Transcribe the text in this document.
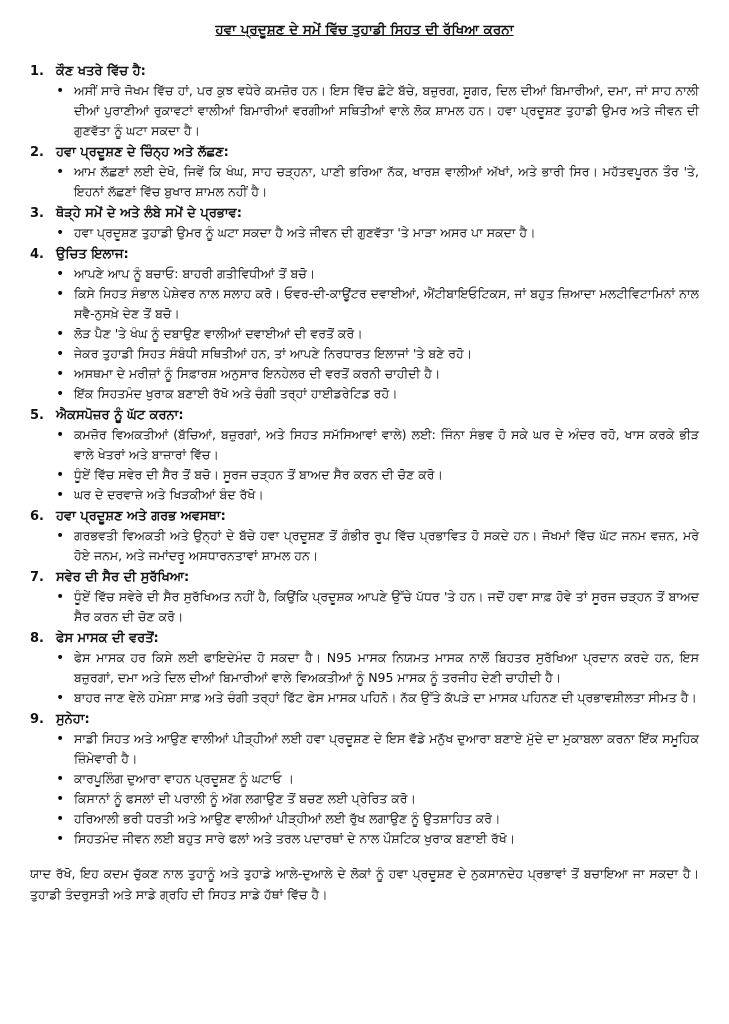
ਹਵਾ ਪ੍ਰਦੂਸ਼ਣ ਦੇ ਸਮੇਂ ਵਿੱਚ ਤੁਹਾਡੀ ਸਿਹਤ ਦੀ ਰੱਖਿਆ ਕਰਨਾ
1. ਕੌਣ ਖਤਰੇ ਵਿੱਚ ਹੈ:
• ਅਸੀਂ ਸਾਰੇ ਜੋਖਮ ਵਿੱਚ ਹਾਂ, ਪਰ ਕੁਝ ਵਧੇਰੇ ਕਮਜ਼ੋਰ ਹਨ। ਇਸ ਵਿੱਚ ਛੋਟੇ ਬੱਚੇ, ਬਜ਼ੁਰਗ, ਸ਼ੂਗਰ, ਦਿਲ ਦੀਆਂ ਬਿਮਾਰੀਆਂ, ਦਮਾ, ਜਾਂ ਸਾਹ ਨਾਲੀ ਦੀਆਂ ਪੁਰਾਣੀਆਂ ਰੁਕਾਵਟਾਂ ਵਾਲੀਆਂ ਬਿਮਾਰੀਆਂ ਵਰਗੀਆਂ ਸਥਿਤੀਆਂ ਵਾਲੇ ਲੋਕ ਸ਼ਾਮਲ ਹਨ। ਹਵਾ ਪ੍ਰਦੂਸ਼ਣ ਤੁਹਾਡੀ ਉਮਰ ਅਤੇ ਜੀਵਨ ਦੀ ਗੁਣਵੱਤਾ ਨੂੰ ਘਟਾ ਸਕਦਾ ਹੈ।
2. ਹਵਾ ਪ੍ਰਦੂਸ਼ਣ ਦੇ ਚਿੰਨ੍ਹ ਅਤੇ ਲੱਛਣ:
• ਆਮ ਲੱਛਣਾਂ ਲਈ ਦੇਖੋ, ਜਿਵੇਂ ਕਿ ਖੰਘ, ਸਾਹ ਚੜ੍ਹਨਾ, ਪਾਣੀ ਭਰਿਆ ਨੱਕ, ਖਾਰਸ਼ ਵਾਲੀਆਂ ਅੱਖਾਂ, ਅਤੇ ਭਾਰੀ ਸਿਰ। ਮਹੱਤਵਪੂਰਨ ਤੌਰ 'ਤੇ, ਇਹਨਾਂ ਲੱਛਣਾਂ ਵਿੱਚ ਬੁਖਾਰ ਸ਼ਾਮਲ ਨਹੀਂ ਹੈ।
3. ਥੋੜ੍ਹੇ ਸਮੇਂ ਦੇ ਅਤੇ ਲੰਬੇ ਸਮੇਂ ਦੇ ਪ੍ਰਭਾਵ:
• ਹਵਾ ਪ੍ਰਦੂਸ਼ਣ ਤੁਹਾਡੀ ਉਮਰ ਨੂੰ ਘਟਾ ਸਕਦਾ ਹੈ ਅਤੇ ਜੀਵਨ ਦੀ ਗੁਣਵੱਤਾ 'ਤੇ ਮਾੜਾ ਅਸਰ ਪਾ ਸਕਦਾ ਹੈ।
4. ਉਚਿਤ ਇਲਾਜ:
• ਆਪਣੇ ਆਪ ਨੂੰ ਬਚਾਓ: ਬਾਹਰੀ ਗਤੀਵਿਧੀਆਂ ਤੋਂ ਬਚੋ।
• ਕਿਸੇ ਸਿਹਤ ਸੰਭਾਲ ਪੇਸ਼ੇਵਰ ਨਾਲ ਸਲਾਹ ਕਰੋ। ਓਵਰ-ਦੀ-ਕਾਊਂਟਰ ਦਵਾਈਆਂ, ਐਂਟੀਬਾਇਓਟਿਕਸ, ਜਾਂ ਬਹੁਤ ਜ਼ਿਆਦਾ ਮਲਟੀਵਿਟਾਮਿਨਾਂ ਨਾਲ ਸਵੈ-ਨੁਸਖ਼ੇ ਦੇਣ ਤੋਂ ਬਚੋ।
• ਲੋੜ ਪੈਣ 'ਤੇ ਖੰਘ ਨੂੰ ਦਬਾਉਣ ਵਾਲੀਆਂ ਦਵਾਈਆਂ ਦੀ ਵਰਤੋਂ ਕਰੋ।
• ਜੇਕਰ ਤੁਹਾਡੀ ਸਿਹਤ ਸੰਬੰਧੀ ਸਥਿਤੀਆਂ ਹਨ, ਤਾਂ ਆਪਣੇ ਨਿਰਧਾਰਤ ਇਲਾਜਾਂ 'ਤੇ ਬਣੇ ਰਹੋ।
• ਅਸਥਮਾ ਦੇ ਮਰੀਜ਼ਾਂ ਨੂੰ ਸਿਫ਼ਾਰਸ਼ ਅਨੁਸਾਰ ਇਨਹੇਲਰ ਦੀ ਵਰਤੋਂ ਕਰਨੀ ਚਾਹੀਦੀ ਹੈ।
• ਇੱਕ ਸਿਹਤਮੰਦ ਖੁਰਾਕ ਬਣਾਈ ਰੱਖੋ ਅਤੇ ਚੰਗੀ ਤਰ੍ਹਾਂ ਹਾਈਡਰੇਟਿਡ ਰਹੋ।
5. ਐਕਸਪੋਜ਼ਰ ਨੂੰ ਘੱਟ ਕਰਨਾ:
• ਕਮਜ਼ੋਰ ਵਿਅਕਤੀਆਂ (ਬੱਚਿਆਂ, ਬਜ਼ੁਰਗਾਂ, ਅਤੇ ਸਿਹਤ ਸਮੱਸਿਆਵਾਂ ਵਾਲੇ) ਲਈ: ਜਿੰਨਾ ਸੰਭਵ ਹੋ ਸਕੇ ਘਰ ਦੇ ਅੰਦਰ ਰਹੋ, ਖਾਸ ਕਰਕੇ ਭੀੜ ਵਾਲੇ ਖੇਤਰਾਂ ਅਤੇ ਬਾਜ਼ਾਰਾਂ ਵਿੱਚ।
• ਧੂੰਏਂ ਵਿੱਚ ਸਵੇਰ ਦੀ ਸੈਰ ਤੋਂ ਬਚੋ। ਸੂਰਜ ਚੜ੍ਹਨ ਤੋਂ ਬਾਅਦ ਸੈਰ ਕਰਨ ਦੀ ਚੋਣ ਕਰੋ।
• ਘਰ ਦੇ ਦਰਵਾਜ਼ੇ ਅਤੇ ਖਿੜਕੀਆਂ ਬੰਦ ਰੱਖੋ।
6. ਹਵਾ ਪ੍ਰਦੂਸ਼ਣ ਅਤੇ ਗਰਭ ਅਵਸਥਾ:
• ਗਰਭਵਤੀ ਵਿਅਕਤੀ ਅਤੇ ਉਨ੍ਹਾਂ ਦੇ ਬੱਚੇ ਹਵਾ ਪ੍ਰਦੂਸ਼ਣ ਤੋਂ ਗੰਭੀਰ ਰੂਪ ਵਿੱਚ ਪ੍ਰਭਾਵਿਤ ਹੋ ਸਕਦੇ ਹਨ। ਜੋਖਮਾਂ ਵਿੱਚ ਘੱਟ ਜਨਮ ਵਜ਼ਨ, ਮਰੇ ਹੋਏ ਜਨਮ, ਅਤੇ ਜਮਾਂਦਰੂ ਅਸਧਾਰਨਤਾਵਾਂ ਸ਼ਾਮਲ ਹਨ।
7. ਸਵੇਰ ਦੀ ਸੈਰ ਦੀ ਸੁਰੱਖਿਆ:
• ਧੂੰਏਂ ਵਿੱਚ ਸਵੇਰੇ ਦੀ ਸੈਰ ਸੁਰੱਖਿਅਤ ਨਹੀਂ ਹੈ, ਕਿਉਂਕਿ ਪ੍ਰਦੂਸ਼ਕ ਆਪਣੇ ਉੱਚੇ ਪੱਧਰ 'ਤੇ ਹਨ। ਜਦੋਂ ਹਵਾ ਸਾਫ਼ ਹੋਵੇ ਤਾਂ ਸੂਰਜ ਚੜ੍ਹਨ ਤੋਂ ਬਾਅਦ ਸੈਰ ਕਰਨ ਦੀ ਚੋਣ ਕਰੋ।
8. ਫੇਸ ਮਾਸਕ ਦੀ ਵਰਤੋਂ:
• ਫੇਸ ਮਾਸਕ ਹਰ ਕਿਸੇ ਲਈ ਫਾਇਦੇਮੰਦ ਹੋ ਸਕਦਾ ਹੈ। N95 ਮਾਸਕ ਨਿਯਮਤ ਮਾਸਕ ਨਾਲੋਂ ਬਿਹਤਰ ਸੁਰੱਖਿਆ ਪ੍ਰਦਾਨ ਕਰਦੇ ਹਨ, ਇਸ ਬਜ਼ੁਰਗਾਂ, ਦਮਾ ਅਤੇ ਦਿਲ ਦੀਆਂ ਬਿਮਾਰੀਆਂ ਵਾਲੇ ਵਿਅਕਤੀਆਂ ਨੂੰ N95 ਮਾਸਕ ਨੂੰ ਤਰਜੀਹ ਦੇਣੀ ਚਾਹੀਦੀ ਹੈ।
• ਬਾਹਰ ਜਾਣ ਵੇਲੇ ਹਮੇਸ਼ਾ ਸਾਫ਼ ਅਤੇ ਚੰਗੀ ਤਰ੍ਹਾਂ ਫਿੱਟ ਫੇਸ ਮਾਸਕ ਪਹਿਨੋ। ਨੱਕ ਉੱਤੇ ਕੱਪੜੇ ਦਾ ਮਾਸਕ ਪਹਿਨਣ ਦੀ ਪ੍ਰਭਾਵਸ਼ੀਲਤਾ ਸੀਮਤ ਹੈ।
9. ਸੁਨੇਹਾ:
• ਸਾਡੀ ਸਿਹਤ ਅਤੇ ਆਉਣ ਵਾਲੀਆਂ ਪੀੜ੍ਹੀਆਂ ਲਈ ਹਵਾ ਪ੍ਰਦੂਸ਼ਣ ਦੇ ਇਸ ਵੱਡੇ ਮਨੁੱਖ ਦੁਆਰਾ ਬਣਾਏ ਮੁੱਦੇ ਦਾ ਮੁਕਾਬਲਾ ਕਰਨਾ ਇੱਕ ਸਮੂਹਿਕ ਜ਼ਿੰਮੇਵਾਰੀ ਹੈ।
• ਕਾਰਪੂਲਿੰਗ ਦੁਆਰਾ ਵਾਹਨ ਪ੍ਰਦੂਸ਼ਣ ਨੂੰ ਘਟਾਓ ।
• ਕਿਸਾਨਾਂ ਨੂੰ ਫਸਲਾਂ ਦੀ ਪਰਾਲੀ ਨੂੰ ਅੱਗ ਲਗਾਉਣ ਤੋਂ ਬਚਣ ਲਈ ਪ੍ਰੇਰਿਤ ਕਰੋ।
• ਹਰਿਆਲੀ ਭਰੀ ਧਰਤੀ ਅਤੇ ਆਉਣ ਵਾਲੀਆਂ ਪੀੜ੍ਹੀਆਂ ਲਈ ਰੁੱਖ ਲਗਾਉਣ ਨੂੰ ਉਤਸ਼ਾਹਿਤ ਕਰੋ।
• ਸਿਹਤਮੰਦ ਜੀਵਨ ਲਈ ਬਹੁਤ ਸਾਰੇ ਫਲਾਂ ਅਤੇ ਤਰਲ ਪਦਾਰਥਾਂ ਦੇ ਨਾਲ ਪੌਸ਼ਟਿਕ ਖੁਰਾਕ ਬਣਾਈ ਰੱਖੋ।

ਯਾਦ ਰੱਖੋ, ਇਹ ਕਦਮ ਚੁੱਕਣ ਨਾਲ ਤੁਹਾਨੂੰ ਅਤੇ ਤੁਹਾਡੇ ਆਲੇ-ਦੁਆਲੇ ਦੇ ਲੋਕਾਂ ਨੂੰ ਹਵਾ ਪ੍ਰਦੂਸ਼ਣ ਦੇ ਨੁਕਸਾਨਦੇਹ ਪ੍ਰਭਾਵਾਂ ਤੋਂ ਬਚਾਇਆ ਜਾ ਸਕਦਾ ਹੈ। ਤੁਹਾਡੀ ਤੰਦਰੁਸਤੀ ਅਤੇ ਸਾਡੇ ਗ੍ਰਹਿ ਦੀ ਸਿਹਤ ਸਾਡੇ ਹੱਥਾਂ ਵਿੱਚ ਹੈ।
